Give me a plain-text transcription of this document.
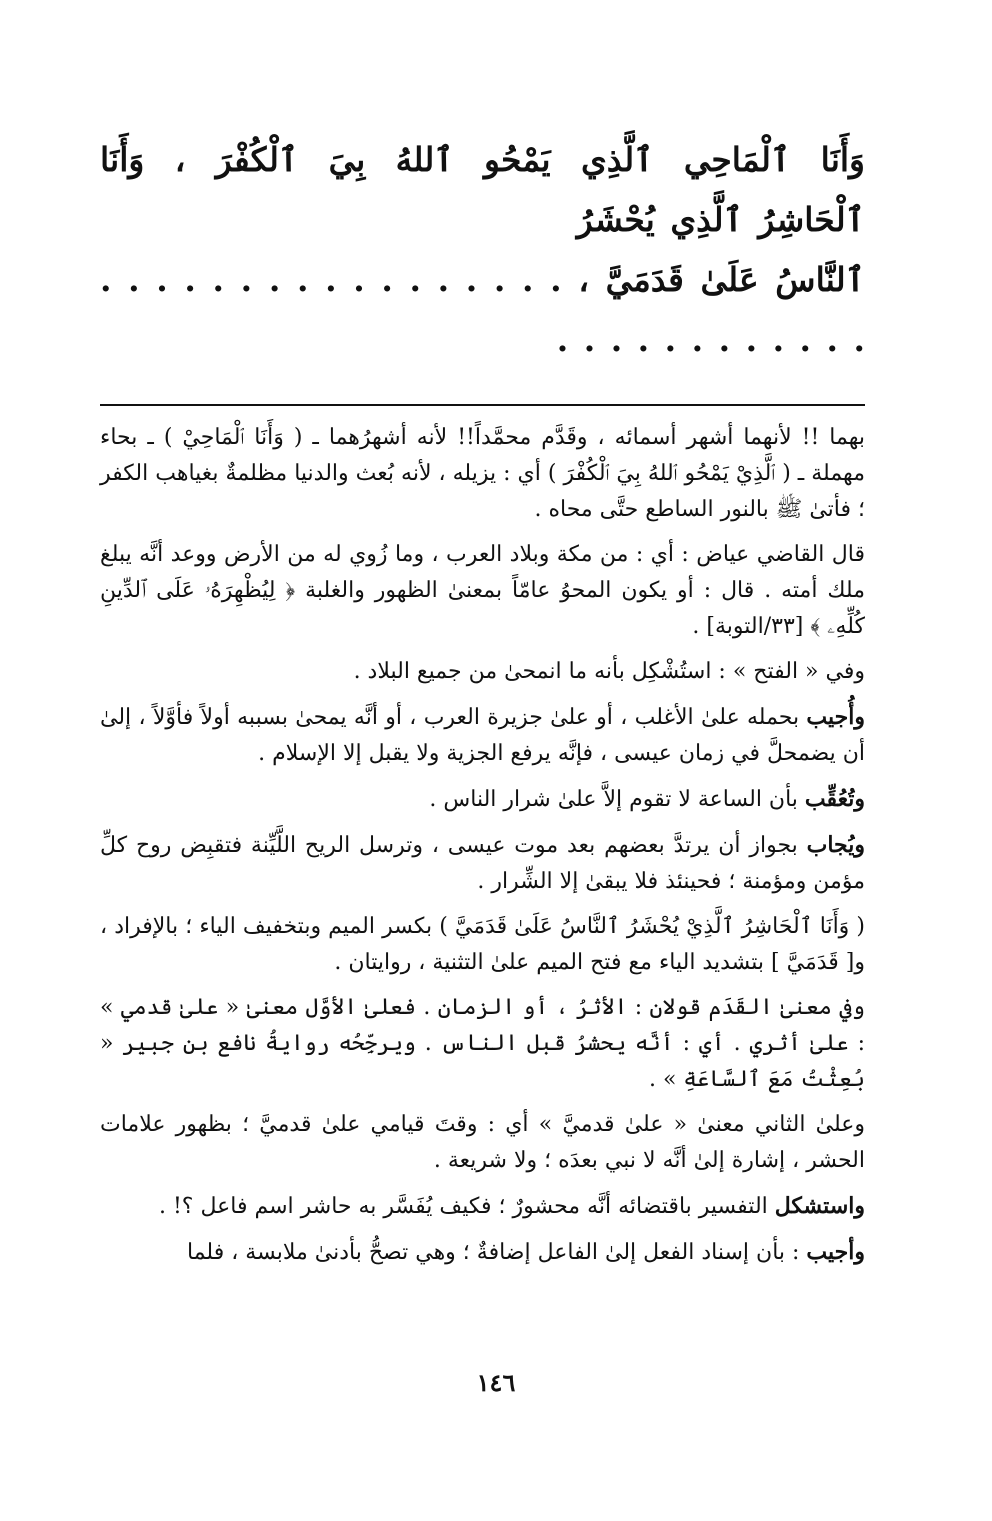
وَأَنَا ٱلْمَاحِي ٱلَّذِي يَمْحُو ٱللهُ بِيَ ٱلْكُفْرَ ، وَأَنَا ٱلْحَاشِرُ ٱلَّذِي يُحْشَرُ
ٱلنَّاسُ عَلَىٰ قَدَمَيَّ ، . . . . . . . . . . . . . . . . . . . . . . . . . . . . .

بهما !! لأنهما أشهر أسمائه ، وقَدَّم محمَّداً!! لأنه أشهرُهما ـ ( وَأَنَا ٱلْمَاحِيْ ) ـ بحاء مهملة ـ ( ٱلَّذِيْ يَمْحُو ٱللهُ بِيَ ٱلْكُفْرَ ) أي : يزيله ، لأنه بُعث والدنيا مظلمةٌ بغياهب الكفر ؛ فأتىٰ ﷺ بالنور الساطع حتَّى محاه .

قال القاضي عياض : أي : من مكة وبلاد العرب ، وما زُوي له من الأرض ووعد أنَّه يبلغ ملك أمته . قال : أو يكون المحوُ عامّاً بمعنىٰ الظهور والغلبة ﴿ لِيُظْهِرَهُۥ عَلَى ٱلدِّينِ كُلِّهِۦ ﴾ [٣٣/التوبة] .

وفي « الفتح » : استُشْكِل بأنه ما انمحىٰ من جميع البلاد .

وأُجيب بحمله علىٰ الأغلب ، أو علىٰ جزيرة العرب ، أو أنَّه يمحىٰ بسببه أولاً فأوَّلاً ، إلىٰ أن يضمحلَّ في زمان عيسى ، فإنَّه يرفع الجزية ولا يقبل إلا الإسلام .

وتُعُقِّب بأن الساعة لا تقوم إلاَّ علىٰ شرار الناس .

ويُجاب بجواز أن يرتدَّ بعضهم بعد موت عيسى ، وترسل الريح اللَّيِّنة فتقبِض روح كلِّ مؤمن ومؤمنة ؛ فحينئذ فلا يبقىٰ إلا الشِّرار .

( وَأَنَا ٱلْحَاشِرُ ٱلَّذِيْ يُحْشَرُ ٱلنَّاسُ عَلَىٰ قَدَمَيَّ ) بكسر الميم وبتخفيف الياء ؛ بالإفراد ، و[ قَدَمَيَّ ] بتشديد الياء مع فتح الميم علىٰ التثنية ، روايتان .

وفي معنىٰ القَدَم قولان : الأثرُ ، أو الزمان . فعلىٰ الأوَّل معنىٰ « علىٰ قدمي » : علىٰ أثري . أي : أنَّه يحشرُ قبل الناس . ويرجِّحُه روايةُ نافع بن جبير « بُعِثْتُ مَعَ ٱلسَّاعَةِ » .

وعلىٰ الثاني معنىٰ « علىٰ قدميَّ » أي : وقتَ قيامي علىٰ قدميَّ ؛ بظهور علامات الحشر ، إشارة إلىٰ أنَّه لا نبي بعدَه ؛ ولا شريعة .

واستشكل التفسير باقتضائه أنَّه محشورٌ ؛ فكيف يُفَسَّر به حاشر اسم فاعل ؟! .

وأجيب : بأن إسناد الفعل إلىٰ الفاعل إضافةٌ ؛ وهي تصحُّ بأدنىٰ ملابسة ، فلما

١٤٦
